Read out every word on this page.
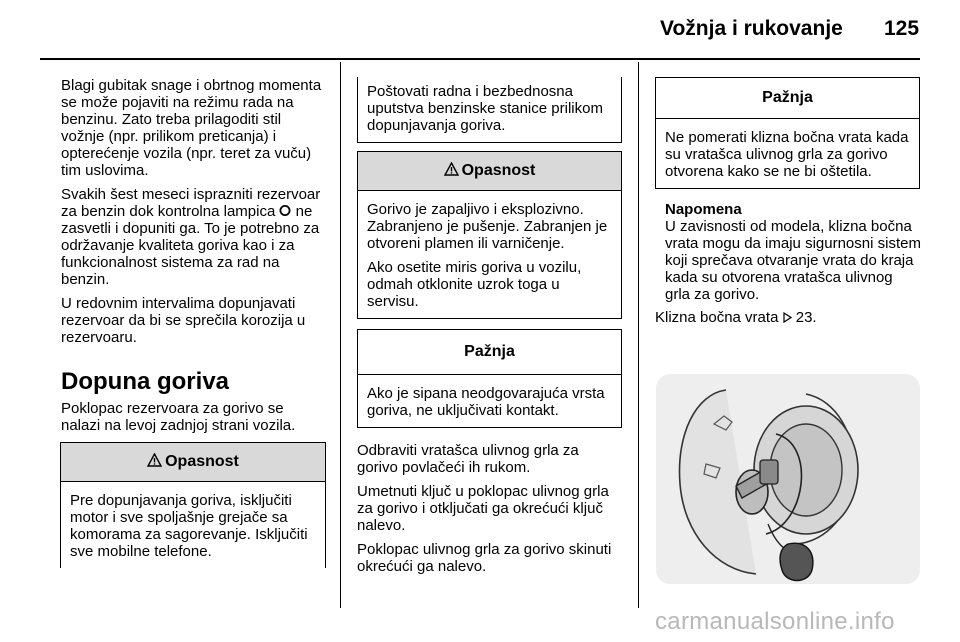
Vožnja i rukovanje 125

Blagi gubitak snage i obrtnog momenta se može pojaviti na režimu rada na benzinu. Zato treba prilagoditi stil vožnje (npr. prilikom preticanja) i opterećenje vozila (npr. teret za vuču) tim uslovima.

Svakih šest meseci isprazniti rezervoar za benzin dok kontrolna lampica  ne zasvetli i dopuniti ga. To je potrebno za održavanje kvaliteta goriva kao i za funkcionalnost sistema za rad na benzin.

U redovnim intervalima dopunjavati rezervoar da bi se sprečila korozija u rezervoaru.

Dopuna goriva

Poklopac rezervoara za gorivo se nalazi na levoj zadnjoj strani vozila.

Opasnost

Pre dopunjavanja goriva, isključiti motor i sve spoljašnje grejače sa komorama za sagorevanje. Isključiti sve mobilne telefone.

Poštovati radna i bezbednosna uputstva benzinske stanice prilikom dopunjavanja goriva.

Opasnost

Gorivo je zapaljivo i eksplozivno. Zabranjeno je pušenje. Zabranjen je otvoreni plamen ili varničenje.

Ako osetite miris goriva u vozilu, odmah otklonite uzrok toga u servisu.

Pažnja

Ako je sipana neodgovarajuća vrsta goriva, ne uključivati kontakt.

Odbraviti vratašca ulivnog grla za gorivo povlačeći ih rukom.

Umetnuti ključ u poklopac ulivnog grla za gorivo i otključati ga okrećući ključ nalevo.

Poklopac ulivnog grla za gorivo skinuti okrećući ga nalevo.

Pažnja

Ne pomerati klizna bočna vrata kada su vratašca ulivnog grla za gorivo otvorena kako se ne bi oštetila.

Napomena
U zavisnosti od modela, klizna bočna vrata mogu da imaju sigurnosni sistem koji sprečava otvaranje vrata do kraja kada su otvorena vratašca ulivnog grla za gorivo.

Klizna bočna vrata 23.

carmanualsonline.info
